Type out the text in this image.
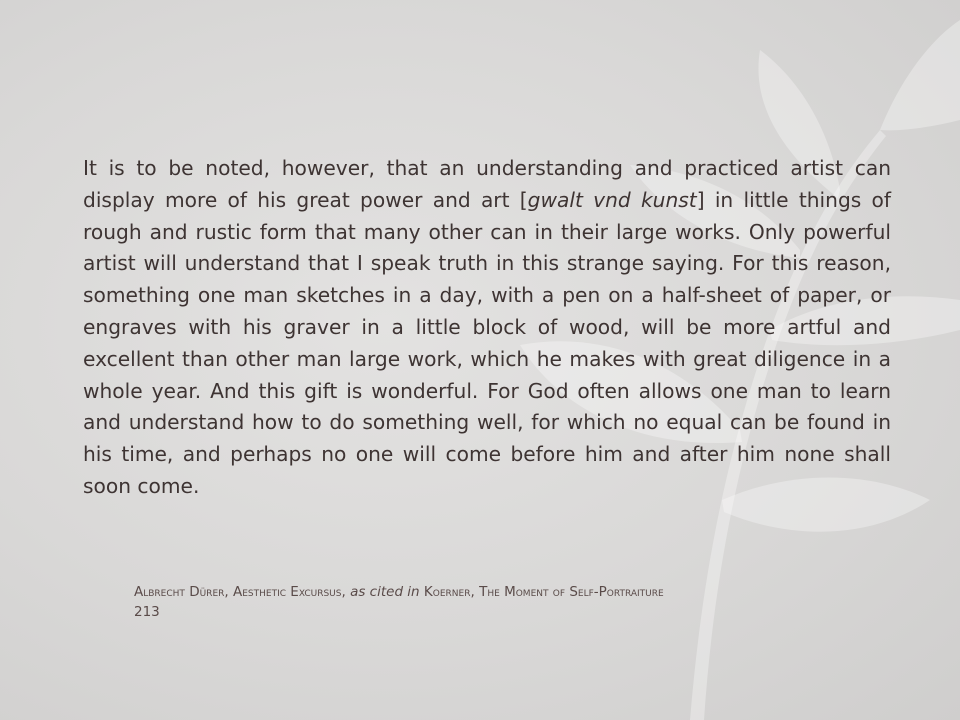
It is to be noted, however, that an understanding and practiced artist can display more of his great power and art [gwalt vnd kunst] in little things of rough and rustic form that many other can in their large works. Only powerful artist will understand that I speak truth in this strange saying. For this reason, something one man sketches in a day, with a pen on a half-sheet of paper, or engraves with his graver in a little block of wood, will be more artful and excellent than other man large work, which he makes with great diligence in a whole year. And this gift is wonderful. For God often allows one man to learn and understand how to do something well, for which no equal can be found in his time, and perhaps no one will come before him and after him none shall soon come.

Albrecht Dürer, Aesthetic Excursus, as cited in Koerner, The Moment of Self-Portraiture
213
